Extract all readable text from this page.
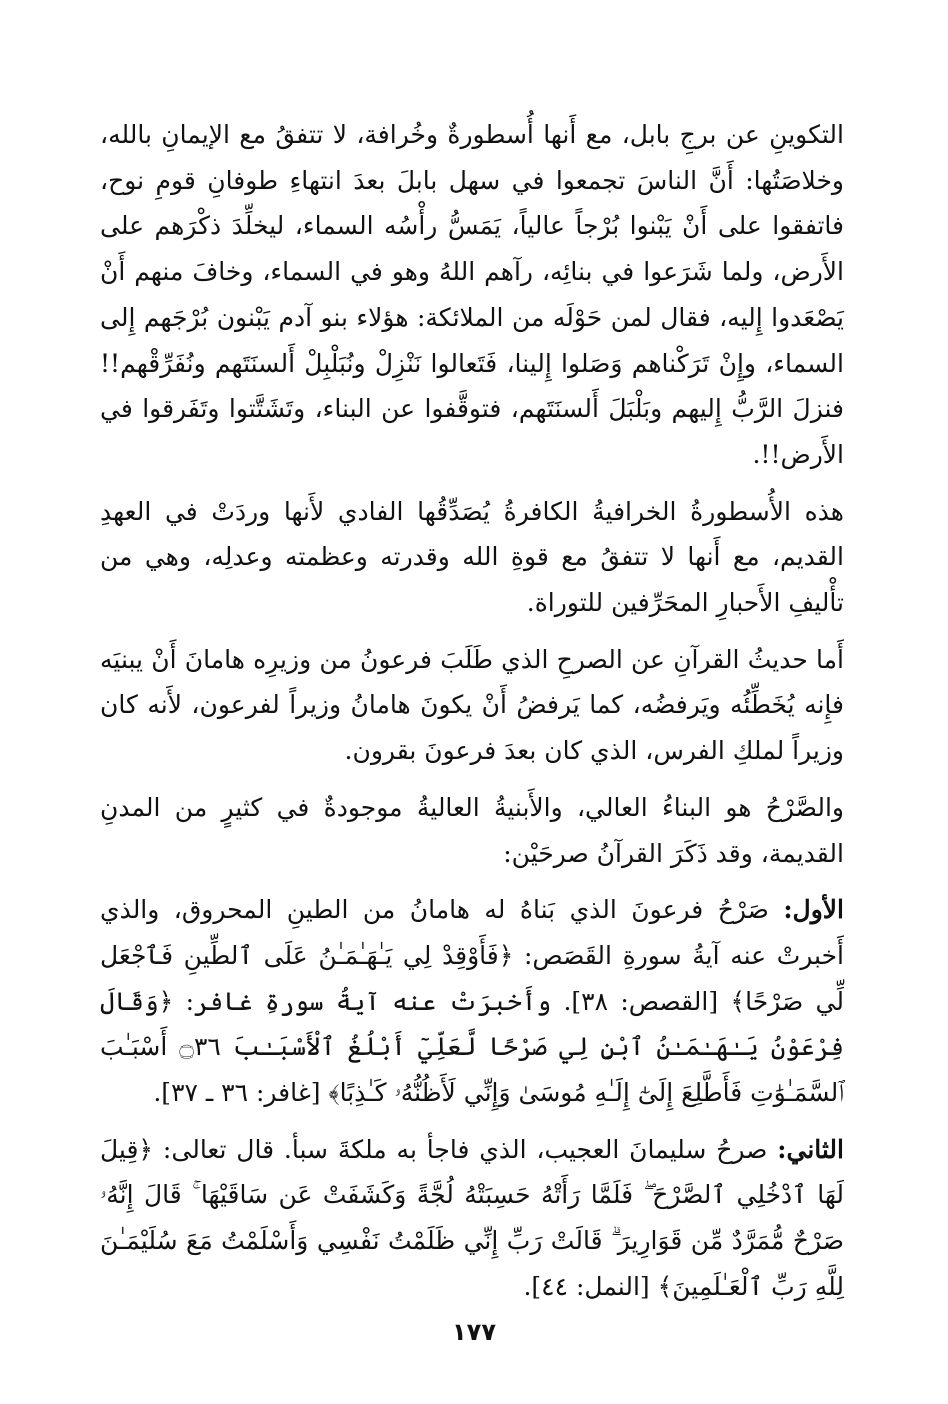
التكوينِ عن برجِ بابل، مع أَنها أُسطورةٌ وخُرافة، لا تتفقُ مع الإيمانِ بالله، وخلاصَتُها: أَنَّ الناسَ تجمعوا في سهل بابلَ بعدَ انتهاءِ طوفانِ قومِ نوح، فاتفقوا على أَنْ يَبْنوا بُرْجاً عالياً، يَمَسُّ رأْسُه السماء، ليخلِّدَ ذكْرَهم على الأَرض، ولما شَرَعوا في بنائِه، رآهم اللهُ وهو في السماء، وخافَ منهم أَنْ يَصْعَدوا إِليه، فقال لمن حَوْلَه من الملائكة: هؤلاء بنو آدم يَبْنون بُرْجَهم إِلى السماء، وإِنْ تَرَكْناهم وَصَلوا إِلينا، فَتَعالوا نَنْزِلْ ونُبَلْبِلْ أَلسنَتَهم ونُفَرِّقْهم!! فنزلَ الرَّبُّ إِليهم وبَلْبَلَ أَلسنَتَهم، فتوقَّفوا عن البناء، وتَشَتَّتوا وتَفَرقوا في الأَرض!!.

هذه الأُسطورةُ الخرافيةُ الكافرةُ يُصَدِّقُها الفادي لأَنها وردَتْ في العهدِ القديم، مع أَنها لا تتفقُ مع قوةِ الله وقدرته وعظمته وعدلِه، وهي من تأْليفِ الأَحبارِ المحَرِّفين للتوراة.

أَما حديثُ القرآنِ عن الصرحِ الذي طَلَبَ فرعونُ من وزيرِه هامانَ أَنْ يبنيَه فإِنه يُخَطِّئُه ويَرفضُه، كما يَرفضُ أَنْ يكونَ هامانُ وزيراً لفرعون، لأَنه كان وزيراً لملكِ الفرس، الذي كان بعدَ فرعونَ بقرون.

والصَّرْحُ هو البناءُ العالي، والأَبنيةُ العاليةُ موجودةٌ في كثيرٍ من المدنِ القديمة، وقد ذَكَرَ القرآنُ صرحَيْن:

الأول: صَرْحُ فرعونَ الذي بَناهُ له هامانُ من الطينِ المحروق، والذي أَخبرتْ عنه آيةُ سورةِ القَصَص: ﴿فَأَوْقِدْ لِي يَـٰهَـٰمَـٰنُ عَلَى ٱلطِّينِ فَٱجْعَل لِّي صَرْحًا﴾ [القصص: ٣٨]. وأَخبرَتْ عنه آيةُ سورةِ غافر: ﴿وَقَالَ فِرْعَوْنُ يَـٰهَـٰمَـٰنُ ٱبْنِ لِي صَرْحًا لَّعَلِّيٓ أَبْلُغُ ٱلْأَسْبَـٰبَ ۝٣٦ أَسْبَـٰبَ ٱلسَّمَـٰوَٰتِ فَأَطَّلِعَ إِلَىٰٓ إِلَـٰهِ مُوسَىٰ وَإِنِّي لَأَظُنُّهُۥ كَـٰذِبًا﴾ [غافر: ٣٦ ـ ٣٧].

الثاني: صرحُ سليمانَ العجيب، الذي فاجأ به ملكةَ سبأ. قال تعالى: ﴿قِيلَ لَهَا ٱدْخُلِي ٱلصَّرْحَ ۖ فَلَمَّا رَأَتْهُ حَسِبَتْهُ لُجَّةً وَكَشَفَتْ عَن سَاقَيْهَا ۚ قَالَ إِنَّهُۥ صَرْحٌ مُّمَرَّدٌ مِّن قَوَارِيرَ ۗ قَالَتْ رَبِّ إِنِّي ظَلَمْتُ نَفْسِي وَأَسْلَمْتُ مَعَ سُلَيْمَـٰنَ لِلَّهِ رَبِّ ٱلْعَـٰلَمِينَ﴾ [النمل: ٤٤].

١٧٧
